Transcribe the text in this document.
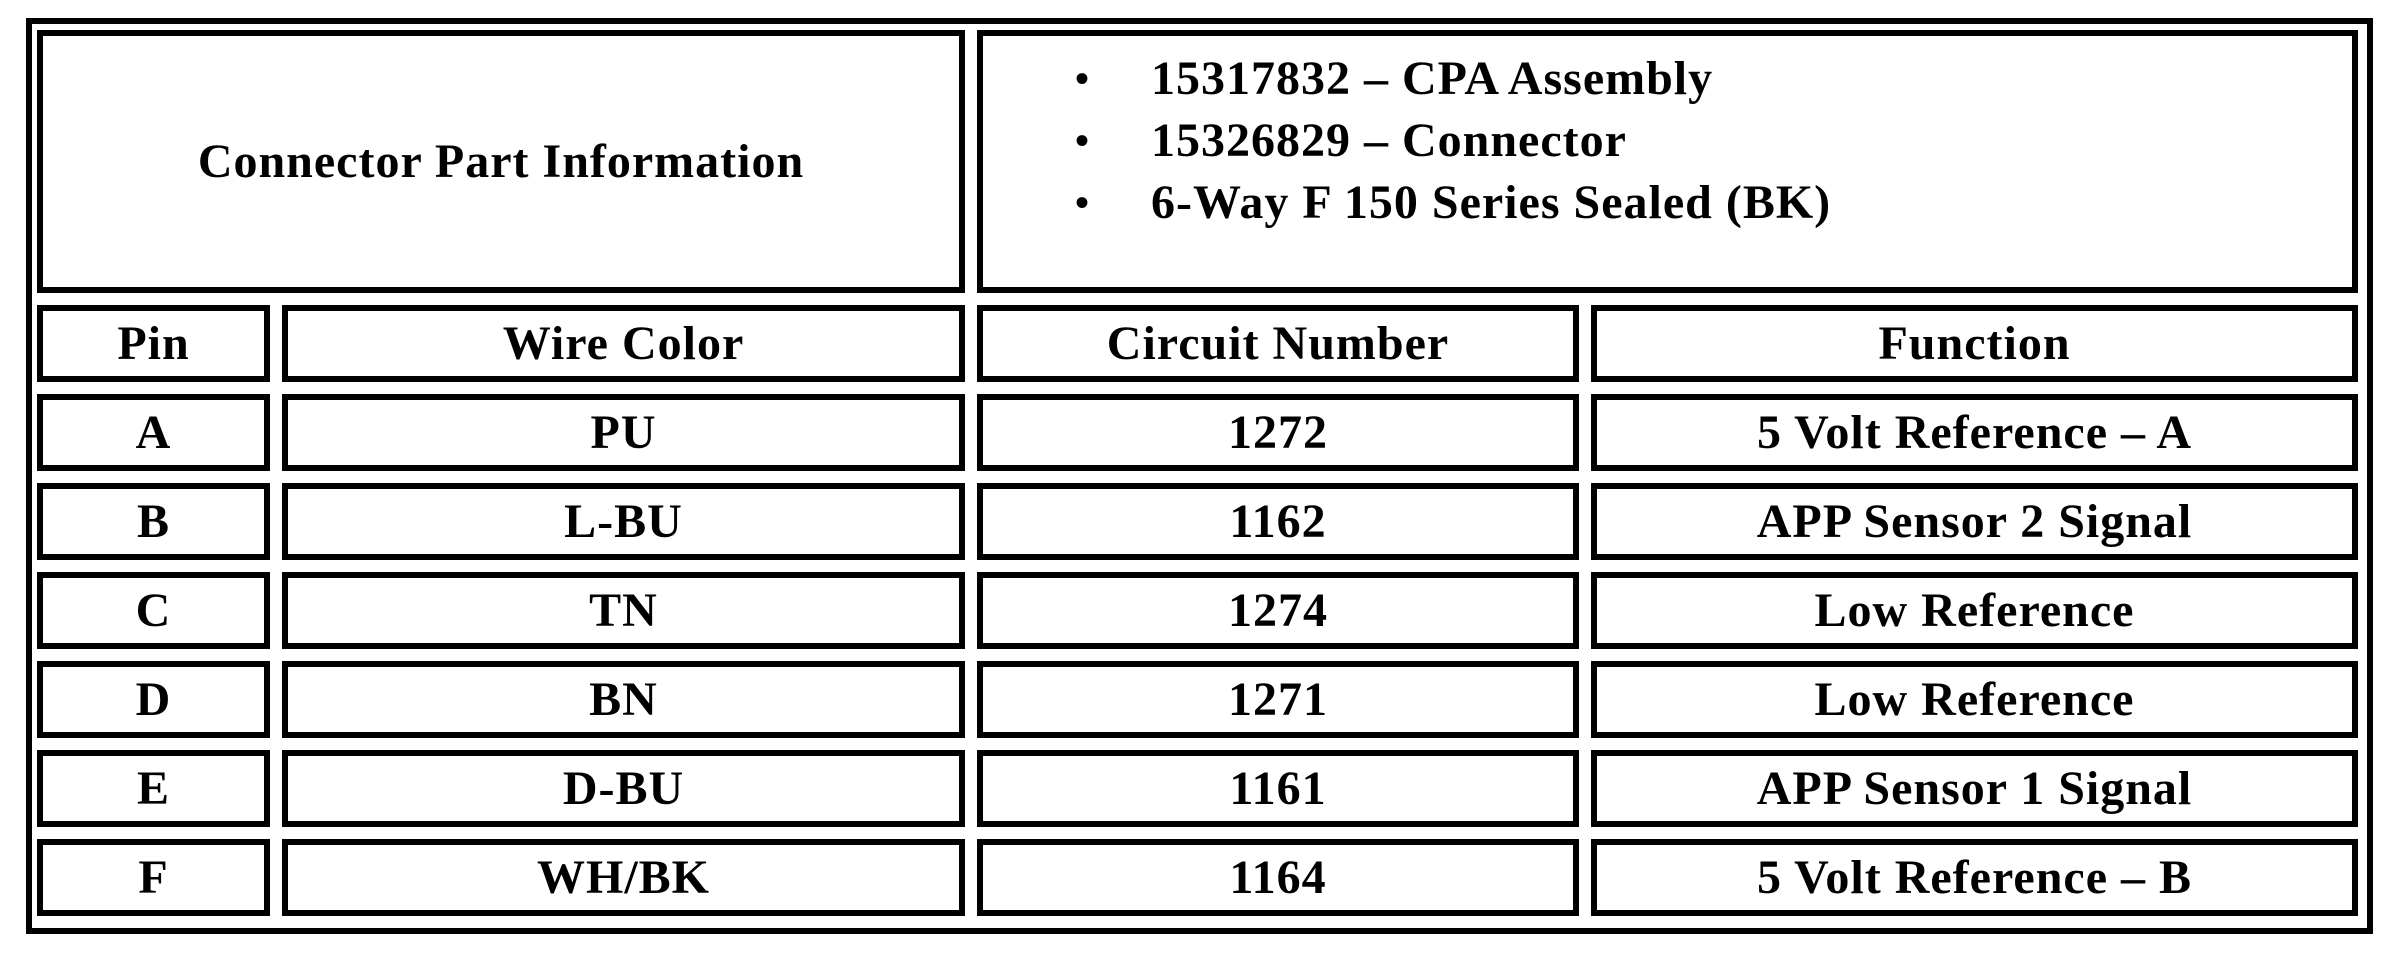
Connector Part Information
• 15317832 – CPA Assembly
• 15326829 – Connector
• 6-Way F 150 Series Sealed (BK)
Pin	Wire Color	Circuit Number	Function
A	PU	1272	5 Volt Reference – A
B	L-BU	1162	APP Sensor 2 Signal
C	TN	1274	Low Reference
D	BN	1271	Low Reference
E	D-BU	1161	APP Sensor 1 Signal
F	WH/BK	1164	5 Volt Reference – B
